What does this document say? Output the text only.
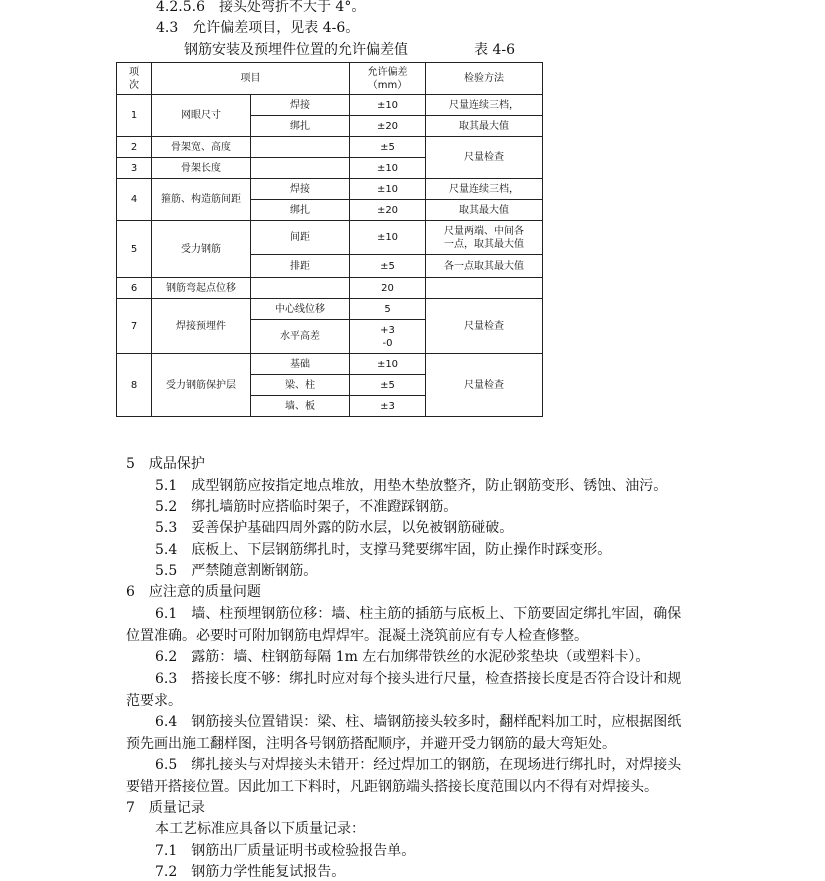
4.2.5.6　接头处弯折不大于 4°。
4.3　允许偏差项目，见表 4-6。
钢筋安装及预埋件位置的允许偏差值	表 4-6
项
次	项目		允许偏差
（mm）	检验方法
1	网眼尺寸	焊接	±10	尺量连续三档，
		绑扎	±20	取其最大值
2	骨架宽、高度		±5	尺量检查
3	骨架长度		±10	
4	箍筋、构造筋间距	焊接	±10	尺量连续三档，
		绑扎	±20	取其最大值
5	受力钢筋	间距	±10	尺量两端、中间各
一点，取其最大值
		排距	±5	各一点取其最大值
6	钢筋弯起点位移		20	
7	焊接预埋件	中心线位移	5	尺量检查
		水平高差	+3
-0	
8	受力钢筋保护层	基础	±10	尺量检查
		梁、柱	±5	
		墙、板	±3	
5　成品保护
5.1　成型钢筋应按指定地点堆放，用垫木垫放整齐，防止钢筋变形、锈蚀、油污。
5.2　绑扎墙筋时应搭临时架子，不准蹬踩钢筋。
5.3　妥善保护基础四周外露的防水层，以免被钢筋碰破。
5.4　底板上、下层钢筋绑扎时，支撑马凳要绑牢固，防止操作时踩变形。
5.5　严禁随意割断钢筋。
6　应注意的质量问题
6.1　墙、柱预埋钢筋位移：墙、柱主筋的插筋与底板上、下筋要固定绑扎牢固，确保
位置准确。必要时可附加钢筋电焊焊牢。混凝土浇筑前应有专人检查修整。
6.2　露筋：墙、柱钢筋每隔 1m 左右加绑带铁丝的水泥砂浆垫块（或塑料卡）。
6.3　搭接长度不够：绑扎时应对每个接头进行尺量，检查搭接长度是否符合设计和规
范要求。
6.4　钢筋接头位置错误：梁、柱、墙钢筋接头较多时，翻样配料加工时，应根据图纸
预先画出施工翻样图，注明各号钢筋搭配顺序，并避开受力钢筋的最大弯矩处。
6.5　绑扎接头与对焊接头未错开：经过焊加工的钢筋，在现场进行绑扎时，对焊接头
要错开搭接位置。因此加工下料时，凡距钢筋端头搭接长度范围以内不得有对焊接头。
7　质量记录
本工艺标准应具备以下质量记录：
7.1　钢筋出厂质量证明书或检验报告单。
7.2　钢筋力学性能复试报告。
